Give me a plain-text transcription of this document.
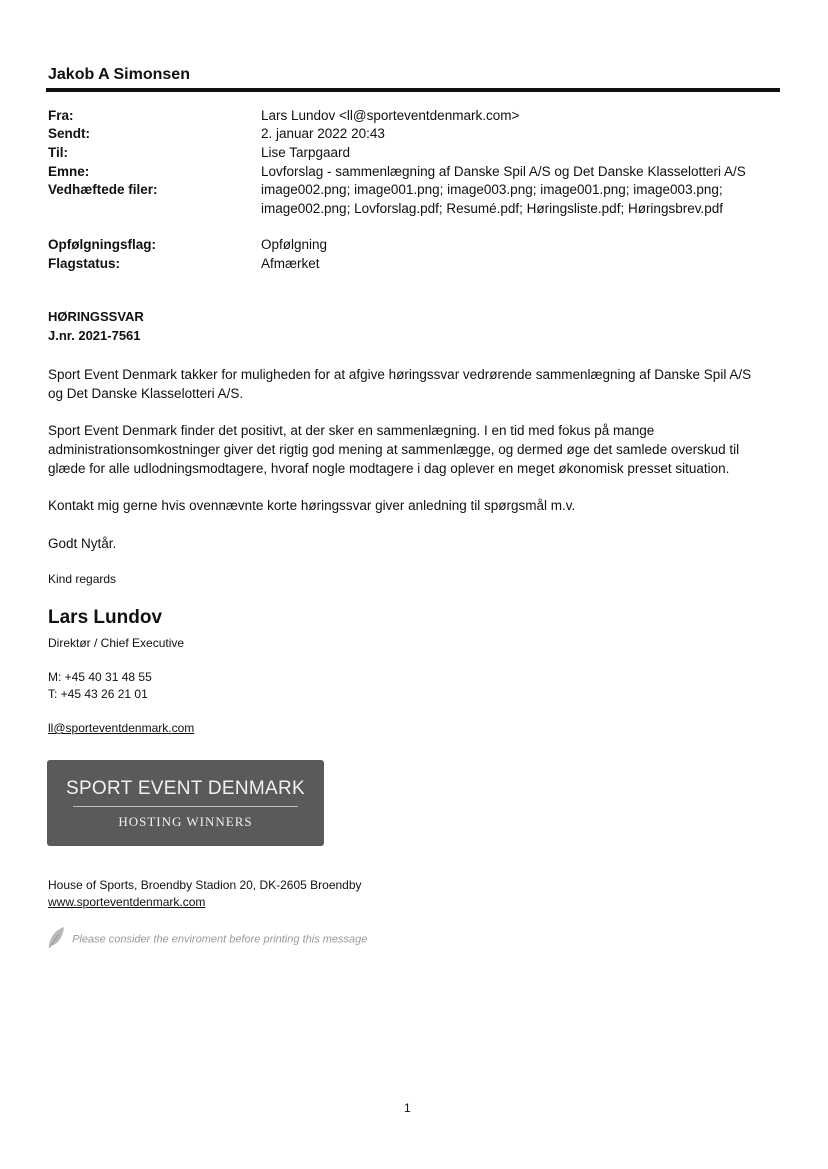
Jakob A Simonsen
Fra:	Lars Lundov <ll@sporteventdenmark.com>
Sendt:	2. januar 2022 20:43
Til:	Lise Tarpgaard
Emne:	Lovforslag - sammenlægning af Danske Spil A/S og Det Danske Klasselotteri A/S
Vedhæftede filer:	image002.png; image001.png; image003.png; image001.png; image003.png;
image002.png; Lovforslag.pdf; Resumé.pdf; Høringsliste.pdf; Høringsbrev.pdf
Opfølgningsflag:	Opfølgning
Flagstatus:	Afmærket
HØRINGSSVAR
J.nr. 2021-7561
Sport Event Denmark takker for muligheden for at afgive høringssvar vedrørende sammenlægning af Danske Spil A/S
og Det Danske Klasselotteri A/S.
Sport Event Denmark finder det positivt, at der sker en sammenlægning. I en tid med fokus på mange
administrationsomkostninger giver det rigtig god mening at sammenlægge, og dermed øge det samlede overskud til
glæde for alle udlodningsmodtagere, hvoraf nogle modtagere i dag oplever en meget økonomisk presset situation.
Kontakt mig gerne hvis ovennævnte korte høringssvar giver anledning til spørgsmål m.v.
Godt Nytår.
Kind regards
Lars Lundov
Direktør / Chief Executive
M: +45 40 31 48 55
T: +45 43 26 21 01
ll@sporteventdenmark.com
SPORT EVENT DENMARK
HOSTING WINNERS
House of Sports, Broendby Stadion 20, DK-2605 Broendby
www.sporteventdenmark.com
Please consider the enviroment before printing this message
1
